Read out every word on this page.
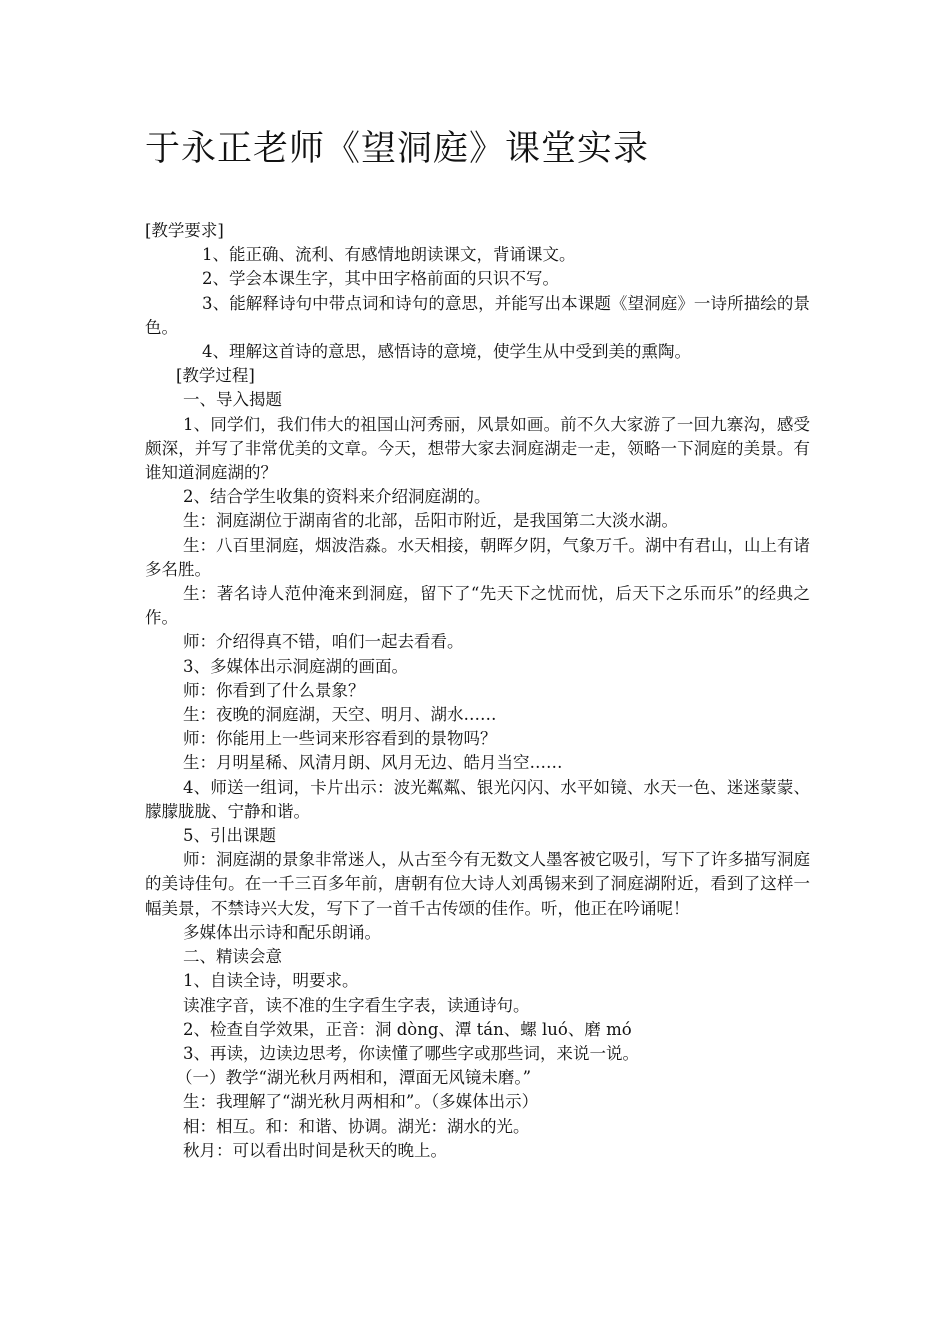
于永正老师《望洞庭》课堂实录

[教学要求]

1、能正确、流利、有感情地朗读课文，背诵课文。

2、学会本课生字，其中田字格前面的只识不写。

3、能解释诗句中带点词和诗句的意思，并能写出本课题《望洞庭》一诗所描绘的景色。

4、理解这首诗的意思，感悟诗的意境，使学生从中受到美的熏陶。

[教学过程]

一、导入揭题

1、同学们，我们伟大的祖国山河秀丽，风景如画。前不久大家游了一回九寨沟，感受颇深，并写了非常优美的文章。今天，想带大家去洞庭湖走一走，领略一下洞庭的美景。有谁知道洞庭湖的？

2、结合学生收集的资料来介绍洞庭湖的。

生：洞庭湖位于湖南省的北部，岳阳市附近，是我国第二大淡水湖。

生：八百里洞庭，烟波浩淼。水天相接，朝晖夕阴，气象万千。湖中有君山，山上有诸多名胜。

生：著名诗人范仲淹来到洞庭，留下了“先天下之忧而忧，后天下之乐而乐”的经典之作。

师：介绍得真不错，咱们一起去看看。

3、多媒体出示洞庭湖的画面。

师：你看到了什么景象？

生：夜晚的洞庭湖，天空、明月、湖水……

师：你能用上一些词来形容看到的景物吗？

生：月明星稀、风清月朗、风月无边、皓月当空……

4、师送一组词，卡片出示：波光粼粼、银光闪闪、水平如镜、水天一色、迷迷蒙蒙、朦朦胧胧、宁静和谐。

5、引出课题

师：洞庭湖的景象非常迷人，从古至今有无数文人墨客被它吸引，写下了许多描写洞庭的美诗佳句。在一千三百多年前，唐朝有位大诗人刘禹锡来到了洞庭湖附近，看到了这样一幅美景，不禁诗兴大发，写下了一首千古传颂的佳作。听，他正在吟诵呢！

多媒体出示诗和配乐朗诵。

二、精读会意

1、自读全诗，明要求。

读准字音，读不准的生字看生字表，读通诗句。

2、检查自学效果，正音：洞 dòng、潭 tán、螺 luó、磨 mó

3、再读，边读边思考，你读懂了哪些字或那些词，来说一说。

（一）教学“湖光秋月两相和，潭面无风镜未磨。”

生：我理解了“湖光秋月两相和”。（多媒体出示）

相：相互。和：和谐、协调。湖光：湖水的光。

秋月：可以看出时间是秋天的晚上。
